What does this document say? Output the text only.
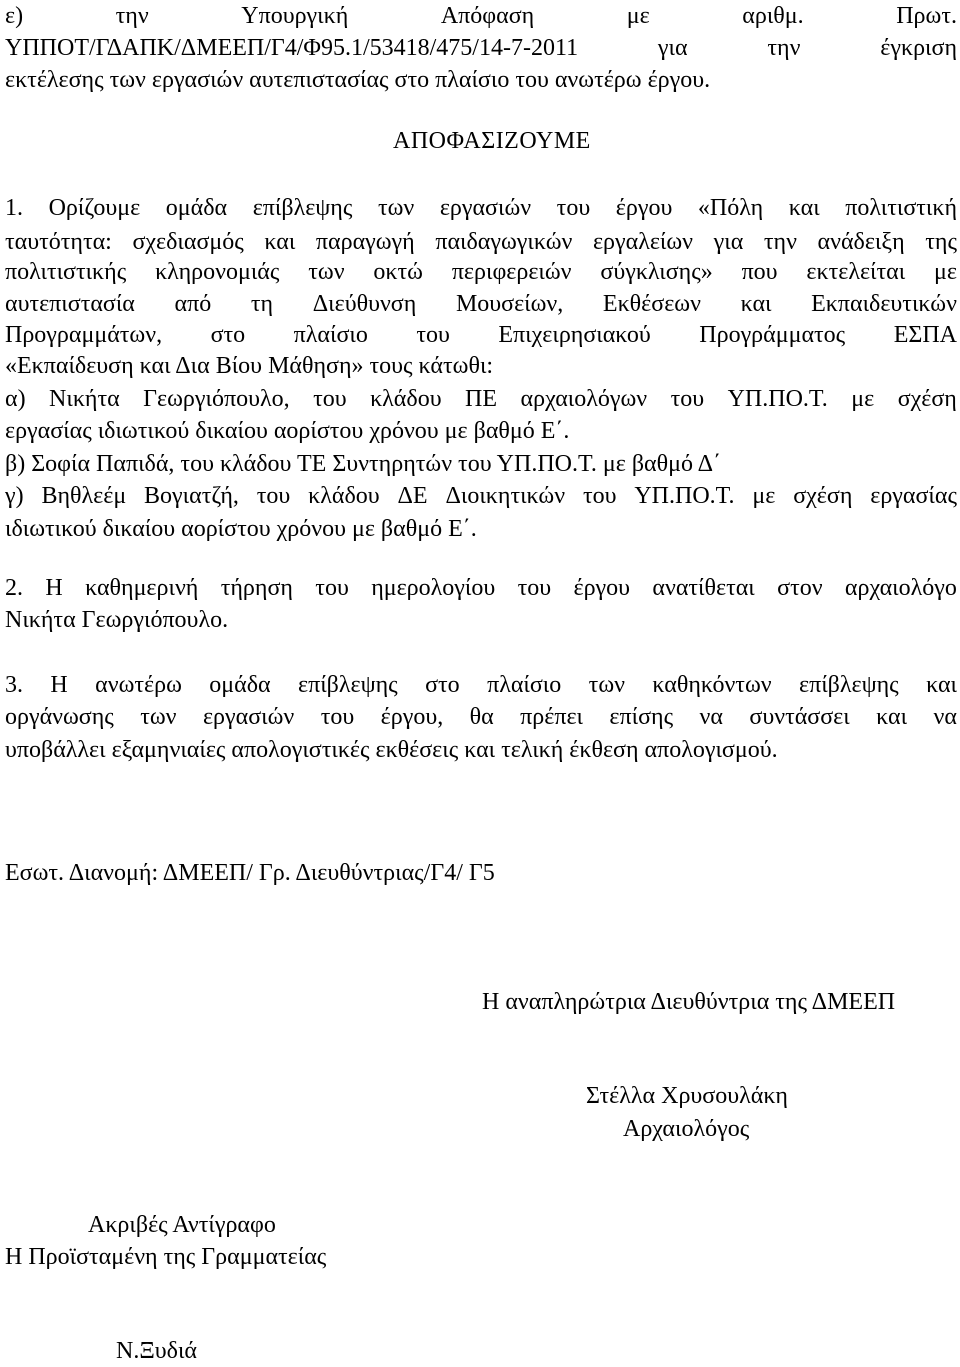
ε)	την	Υπουργική	Απόφαση	με	αριθμ.	Πρωτ.
ΥΠΠΟΤ/ΓΔΑΠΚ/ΔΜΕΕΠ/Γ4/Φ95.1/53418/475/14-7-2011	για	την	έγκριση
εκτέλεσης των εργασιών αυτεπιστασίας στο πλαίσιο του ανωτέρω έργου.
ΑΠΟΦΑΣΙΖΟΥΜΕ
1. Ορίζουμε ομάδα επίβλεψης των εργασιών του έργου «Πόλη και πολιτιστική
ταυτότητα: σχεδιασμός και παραγωγή παιδαγωγικών εργαλείων για την ανάδειξη της
πολιτιστικής κληρονομιάς των οκτώ περιφερειών σύγκλισης» που εκτελείται με
αυτεπιστασία από τη Διεύθυνση Μουσείων, Εκθέσεων και Εκπαιδευτικών
Προγραμμάτων, στο πλαίσιο του Επιχειρησιακού Προγράμματος ΕΣΠΑ
«Εκπαίδευση και Δια Βίου Μάθηση» τους κάτωθι:
α) Νικήτα Γεωργιόπουλο, του κλάδου ΠΕ αρχαιολόγων του ΥΠ.ΠΟ.Τ. με σχέση
εργασίας ιδιωτικού δικαίου αορίστου χρόνου με βαθμό Ε΄.
β) Σοφία Παπιδά, του κλάδου ΤΕ Συντηρητών του ΥΠ.ΠΟ.Τ. με βαθμό Δ΄
γ) Βηθλεέμ Βογιατζή, του κλάδου ΔΕ Διοικητικών του ΥΠ.ΠΟ.Τ. με σχέση εργασίας
ιδιωτικού δικαίου αορίστου χρόνου με βαθμό Ε΄.
2. Η καθημερινή τήρηση του ημερολογίου του έργου ανατίθεται στον αρχαιολόγο
Νικήτα Γεωργιόπουλο.
3. Η ανωτέρω ομάδα επίβλεψης στο πλαίσιο των καθηκόντων επίβλεψης και
οργάνωσης των εργασιών του έργου, θα πρέπει επίσης να συντάσσει και να
υποβάλλει εξαμηνιαίες απολογιστικές εκθέσεις και τελική έκθεση απολογισμού.
Εσωτ. Διανομή: ΔΜΕΕΠ/ Γρ. Διευθύντριας/Γ4/ Γ5
Η αναπληρώτρια Διευθύντρια της ΔΜΕΕΠ
Στέλλα Χρυσουλάκη
Αρχαιολόγος
Ακριβές Αντίγραφο
Η Προϊσταμένη της Γραμματείας
Ν.Ξυδιά
